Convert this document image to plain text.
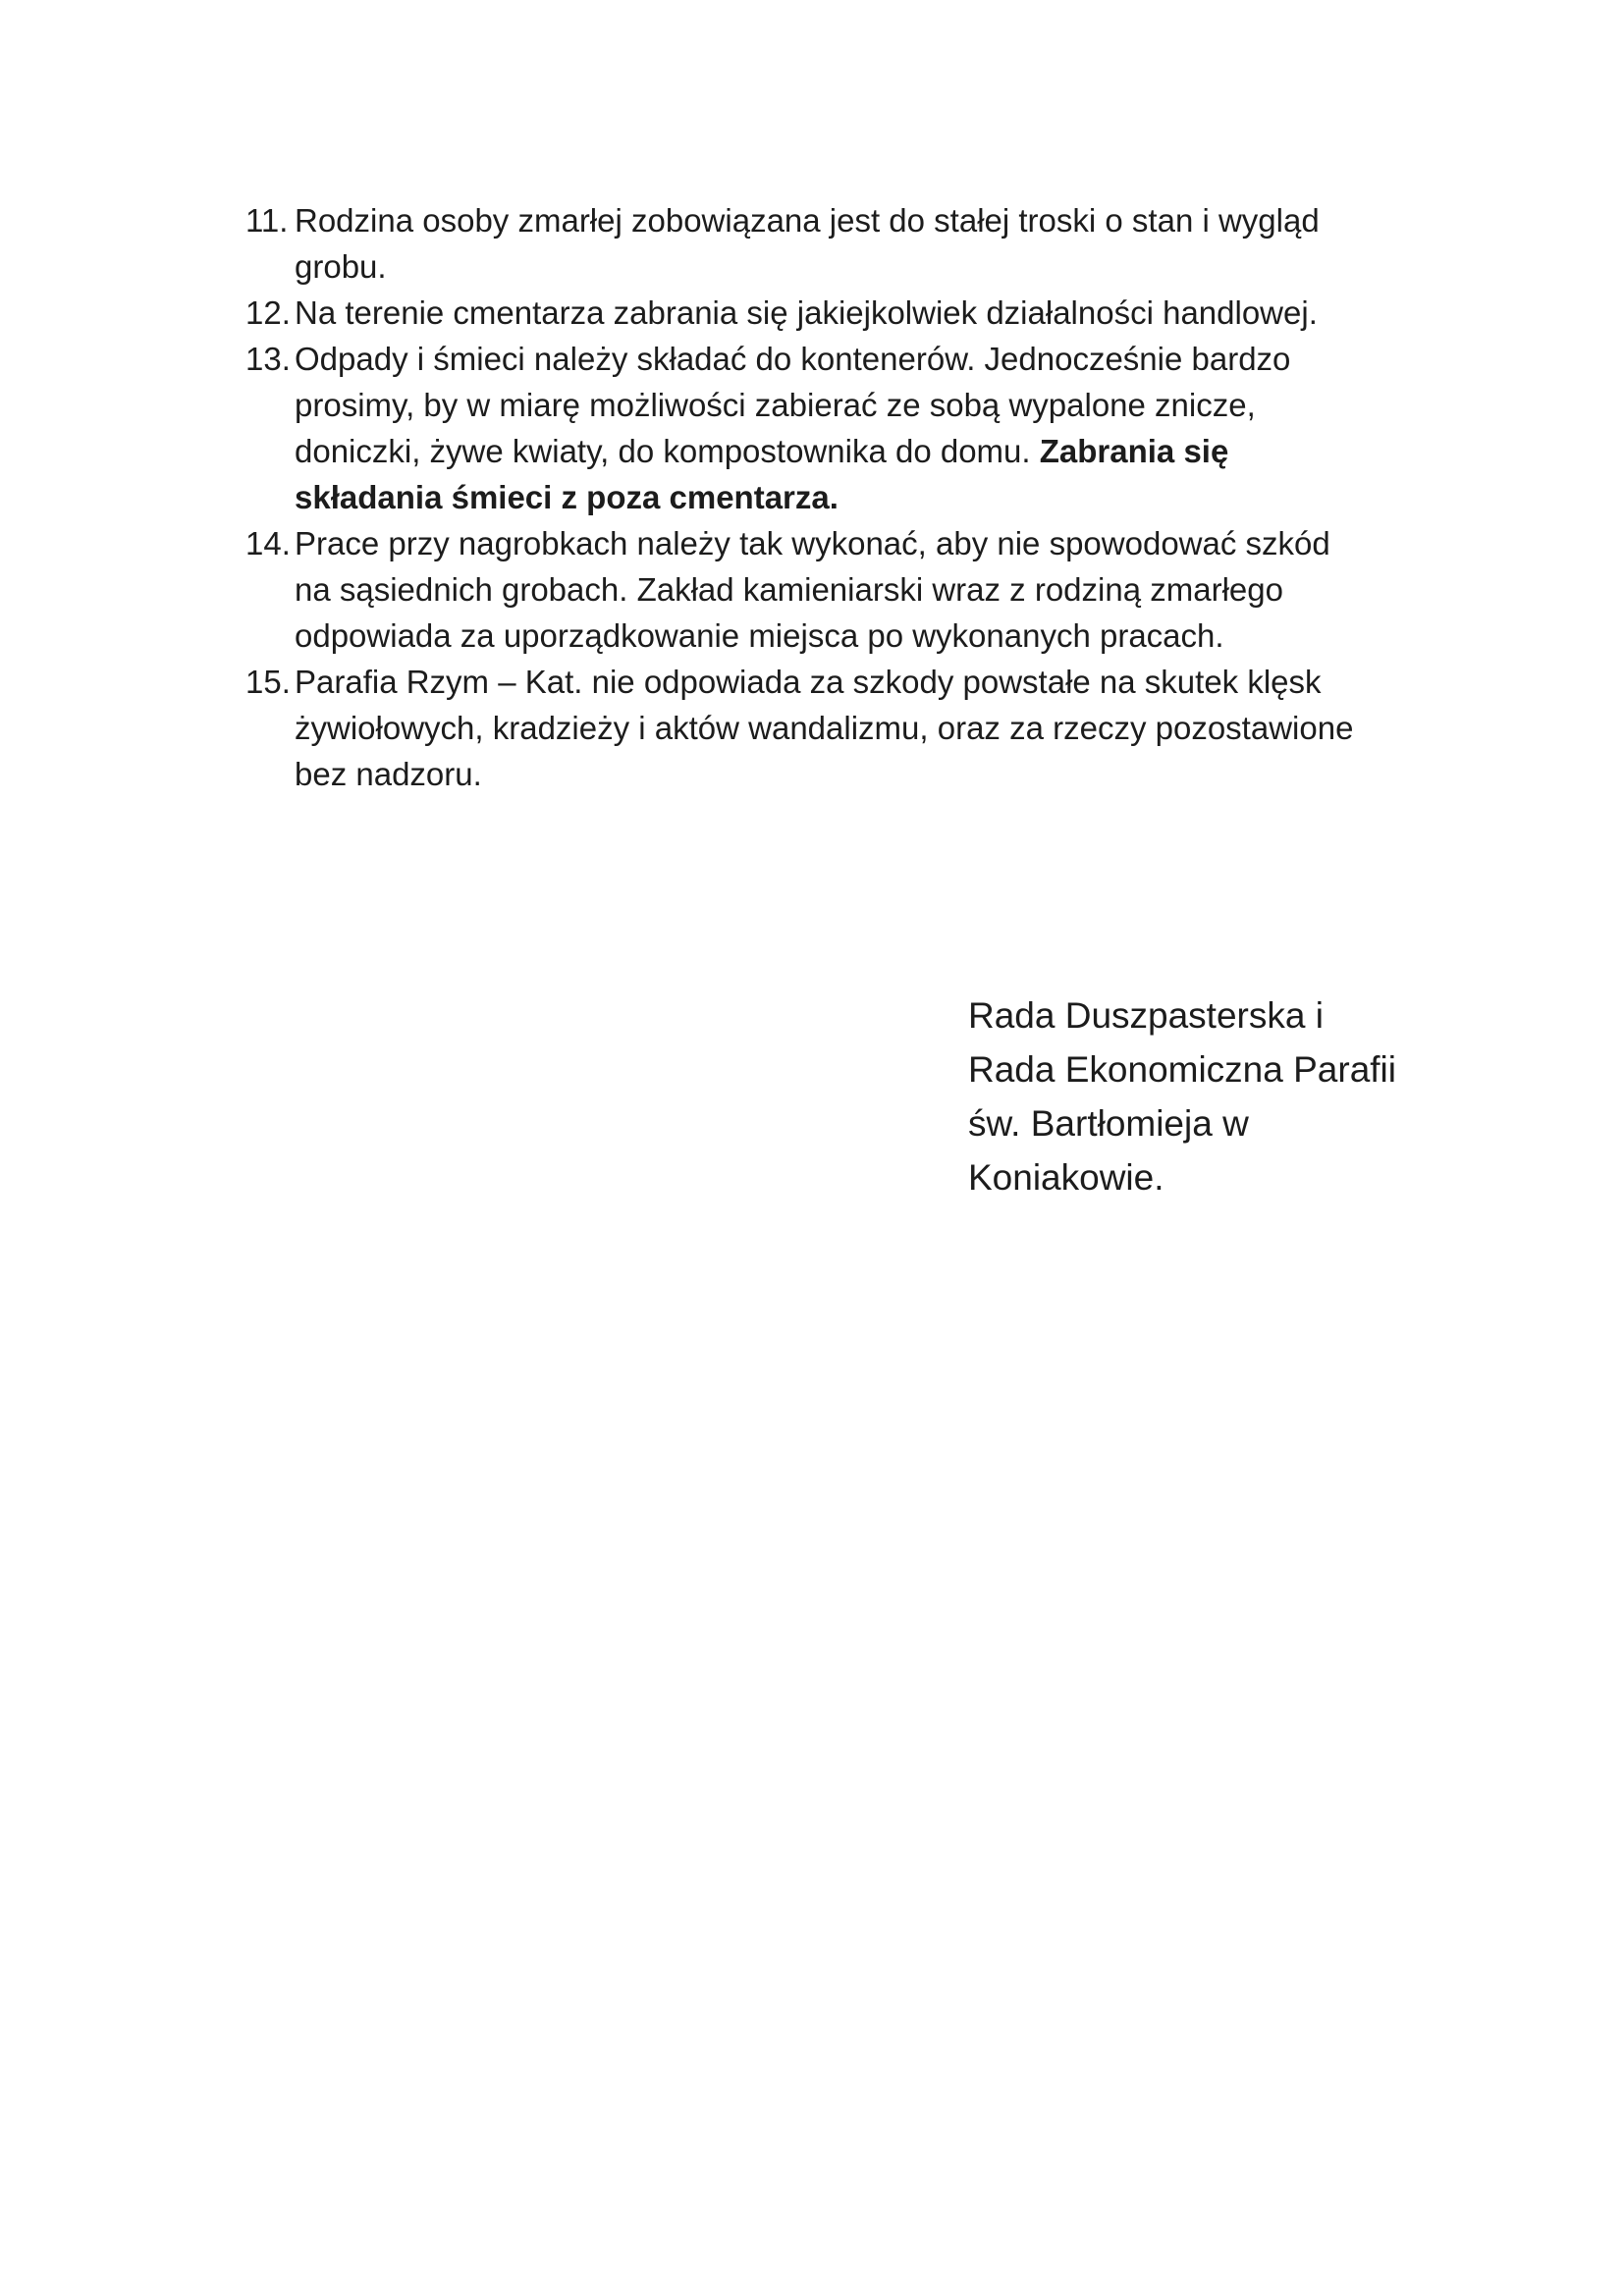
11. Rodzina osoby zmarłej zobowiązana jest do stałej troski o stan i wygląd
grobu.
12. Na terenie cmentarza zabrania się jakiejkolwiek działalności handlowej.
13. Odpady i śmieci należy składać do kontenerów. Jednocześnie bardzo
prosimy, by w miarę możliwości zabierać ze sobą wypalone znicze,
doniczki, żywe kwiaty, do kompostownika do domu. Zabrania się
składania śmieci z poza cmentarza.
14. Prace przy nagrobkach należy tak wykonać, aby nie spowodować szkód
na sąsiednich grobach. Zakład kamieniarski wraz z rodziną zmarłego
odpowiada za uporządkowanie miejsca po wykonanych pracach.
15. Parafia Rzym – Kat. nie odpowiada za szkody powstałe na skutek klęsk
żywiołowych, kradzieży i aktów wandalizmu, oraz za rzeczy pozostawione
bez nadzoru.
Rada Duszpasterska i
Rada Ekonomiczna Parafii
św. Bartłomieja w
Koniakowie.
